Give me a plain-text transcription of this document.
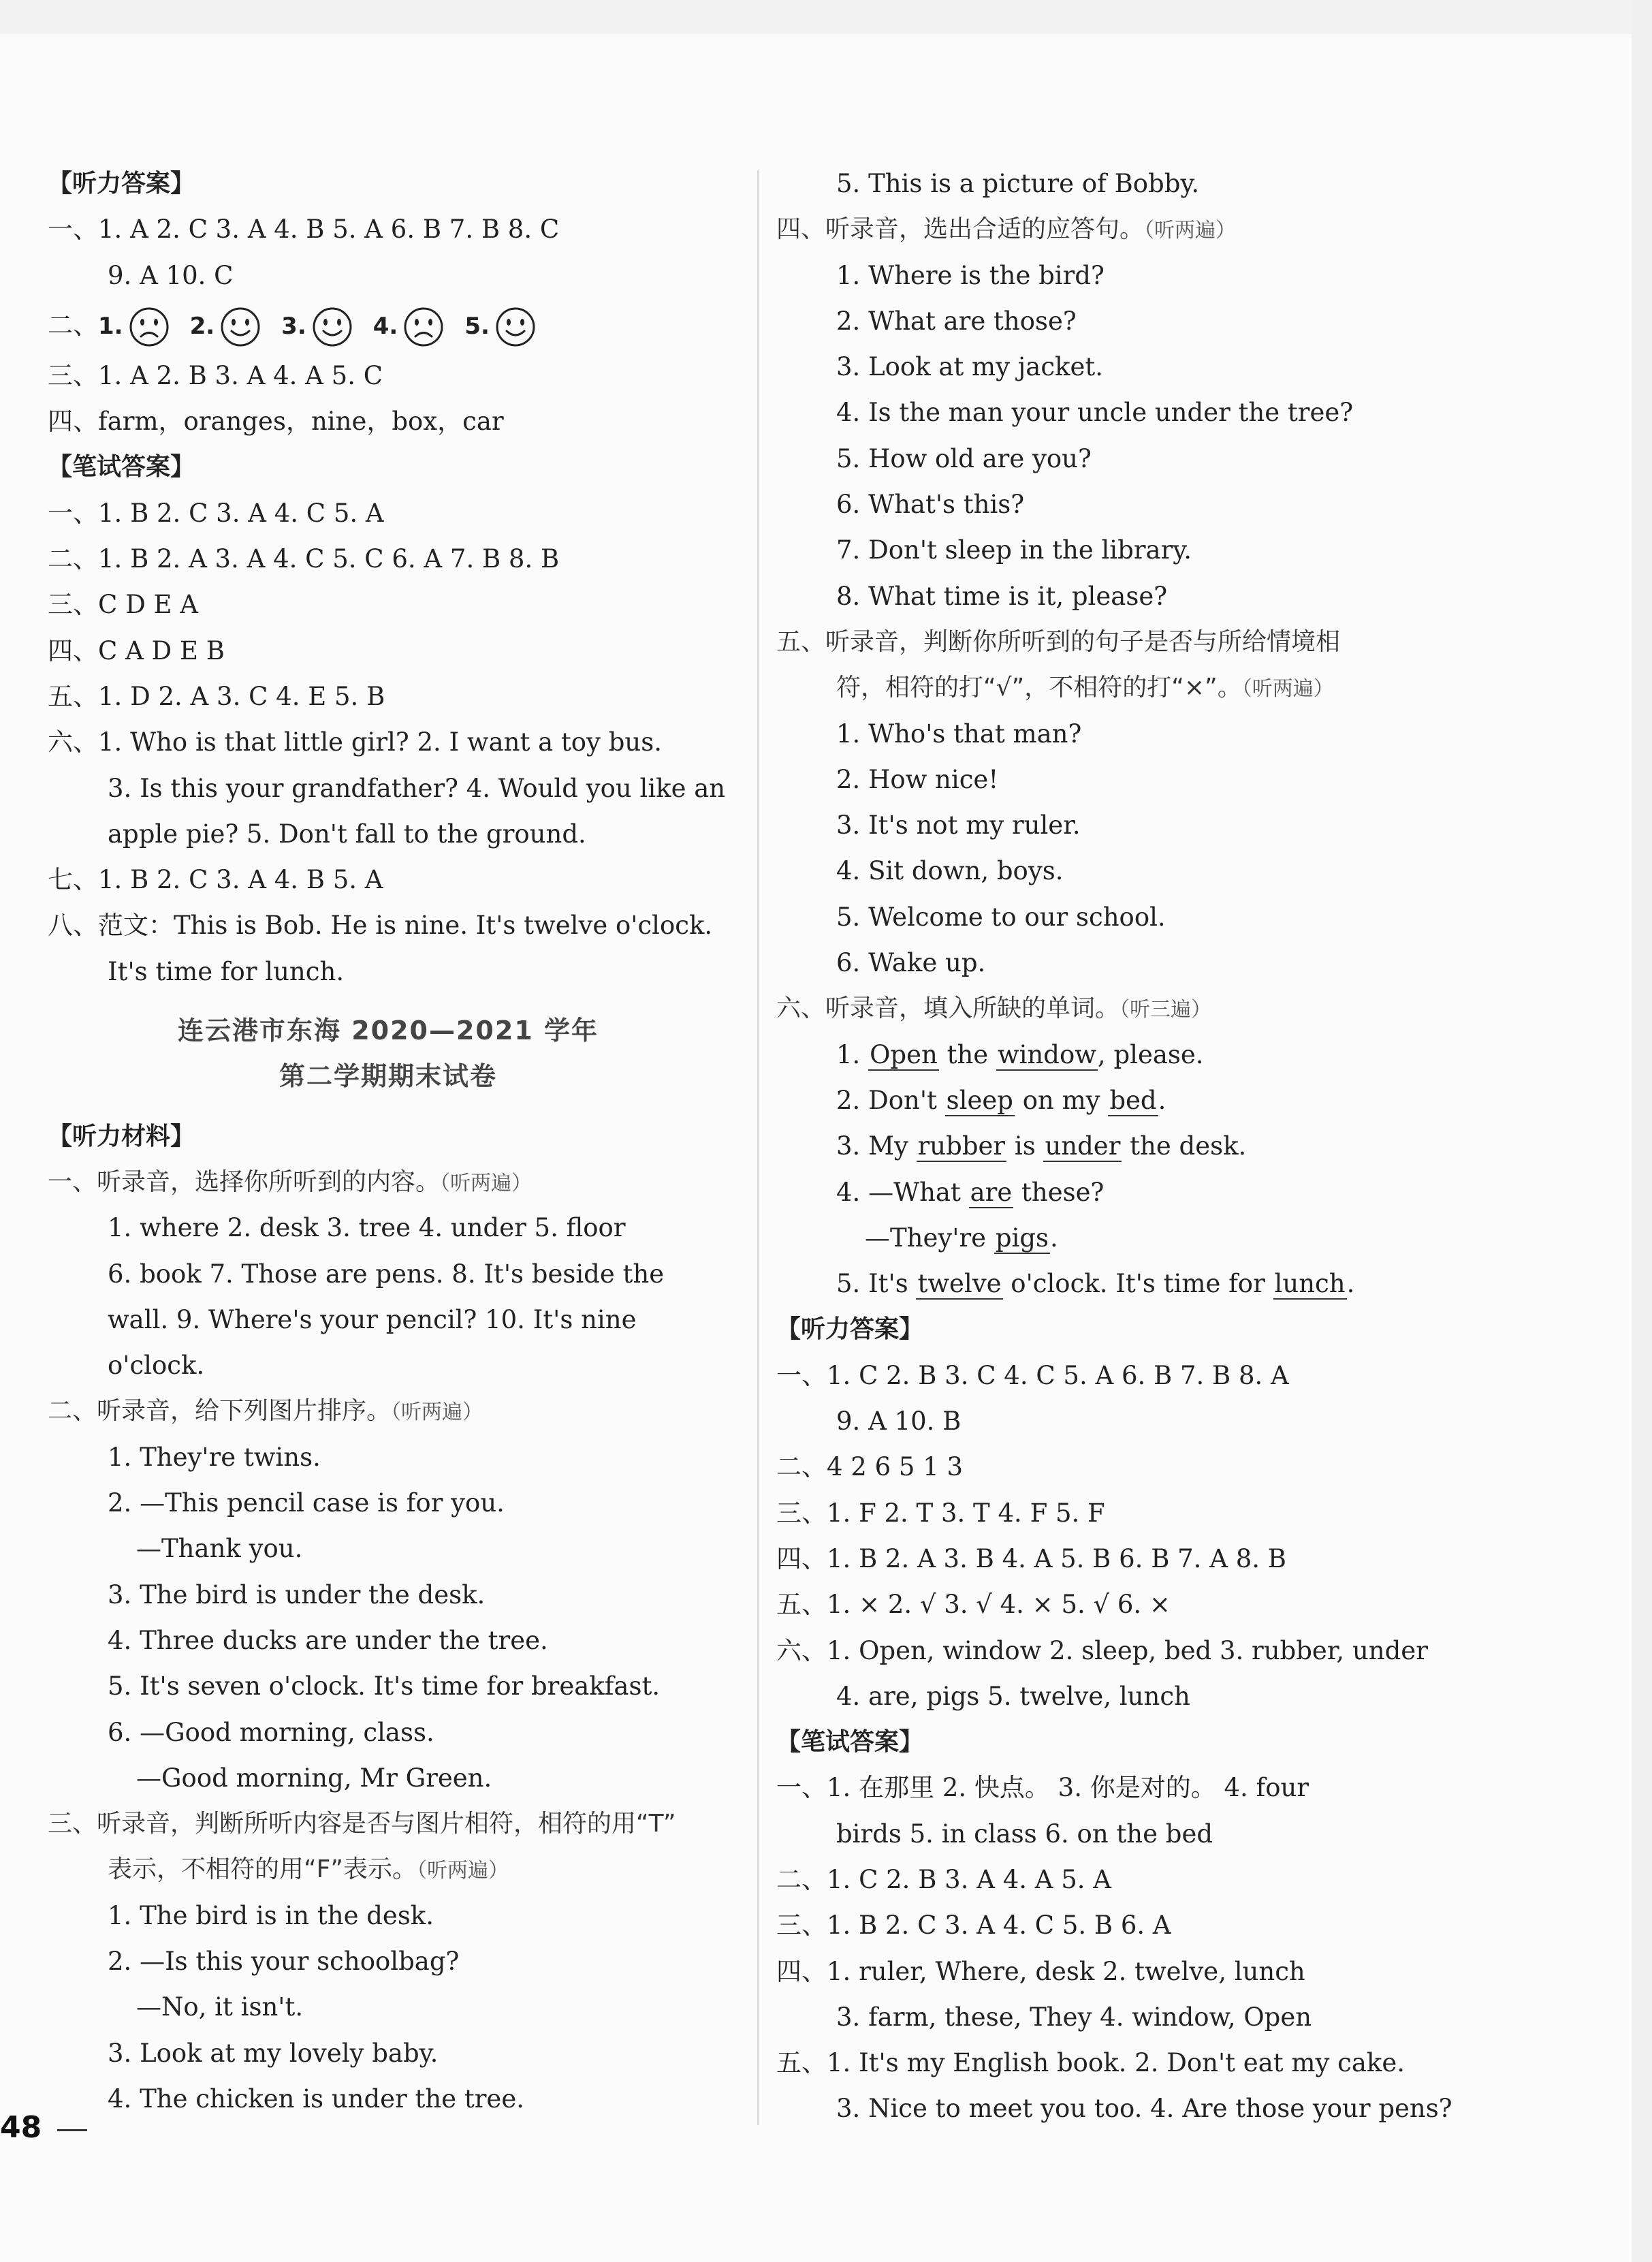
【听力答案】
一、1. A 2. C 3. A 4. B 5. A 6. B 7. B 8. C
9. A 10. C
二、1.	2.	3.	4.	5.
三、1. A 2. B 3. A 4. A 5. C
四、farm，oranges，nine，box，car
【笔试答案】
一、1. B 2. C 3. A 4. C 5. A
二、1. B 2. A 3. A 4. C 5. C 6. A 7. B 8. B
三、C D E A
四、C A D E B
五、1. D 2. A 3. C 4. E 5. B
六、1. Who is that little girl? 2. I want a toy bus.
3. Is this your grandfather? 4. Would you like an
apple pie? 5. Don't fall to the ground.
七、1. B 2. C 3. A 4. B 5. A
八、范文：This is Bob. He is nine. It's twelve o'clock.
It's time for lunch.
连云港市东海 2020—2021 学年
第二学期期末试卷
【听力材料】
一、听录音，选择你所听到的内容。（听两遍）
1. where 2. desk 3. tree 4. under 5. floor
6. book 7. Those are pens. 8. It's beside the
wall. 9. Where's your pencil? 10. It's nine
o'clock.
二、听录音，给下列图片排序。（听两遍）
1. They're twins.
2. —This pencil case is for you.
—Thank you.
3. The bird is under the desk.
4. Three ducks are under the tree.
5. It's seven o'clock. It's time for breakfast.
6. —Good morning, class.
—Good morning, Mr Green.
三、听录音，判断所听内容是否与图片相符，相符的用“T”
表示，不相符的用“F”表示。（听两遍）
1. The bird is in the desk.
2. —Is this your schoolbag?
—No, it isn't.
3. Look at my lovely baby.
4. The chicken is under the tree.
5. This is a picture of Bobby.
四、听录音，选出合适的应答句。（听两遍）
1. Where is the bird?
2. What are those?
3. Look at my jacket.
4. Is the man your uncle under the tree?
5. How old are you?
6. What's this?
7. Don't sleep in the library.
8. What time is it, please?
五、听录音，判断你所听到的句子是否与所给情境相
符，相符的打“√”，不相符的打“×”。（听两遍）
1. Who's that man?
2. How nice!
3. It's not my ruler.
4. Sit down, boys.
5. Welcome to our school.
6. Wake up.
六、听录音，填入所缺的单词。（听三遍）
1. Open the window, please.
2. Don't sleep on my bed.
3. My rubber is under the desk.
4. —What are these?
—They're pigs.
5. It's twelve o'clock. It's time for lunch.
【听力答案】
一、1. C 2. B 3. C 4. C 5. A 6. B 7. B 8. A
9. A 10. B
二、4 2 6 5 1 3
三、1. F 2. T 3. T 4. F 5. F
四、1. B 2. A 3. B 4. A 5. B 6. B 7. A 8. B
五、1. × 2. √ 3. √ 4. × 5. √ 6. ×
六、1. Open, window 2. sleep, bed 3. rubber, under
4. are, pigs 5. twelve, lunch
【笔试答案】
一、1. 在那里 2. 快点。 3. 你是对的。 4. four
birds 5. in class 6. on the bed
二、1. C 2. B 3. A 4. A 5. A
三、1. B 2. C 3. A 4. C 5. B 6. A
四、1. ruler, Where, desk 2. twelve, lunch
3. farm, these, They 4. window, Open
五、1. It's my English book. 2. Don't eat my cake.
3. Nice to meet you too. 4. Are those your pens?
48
